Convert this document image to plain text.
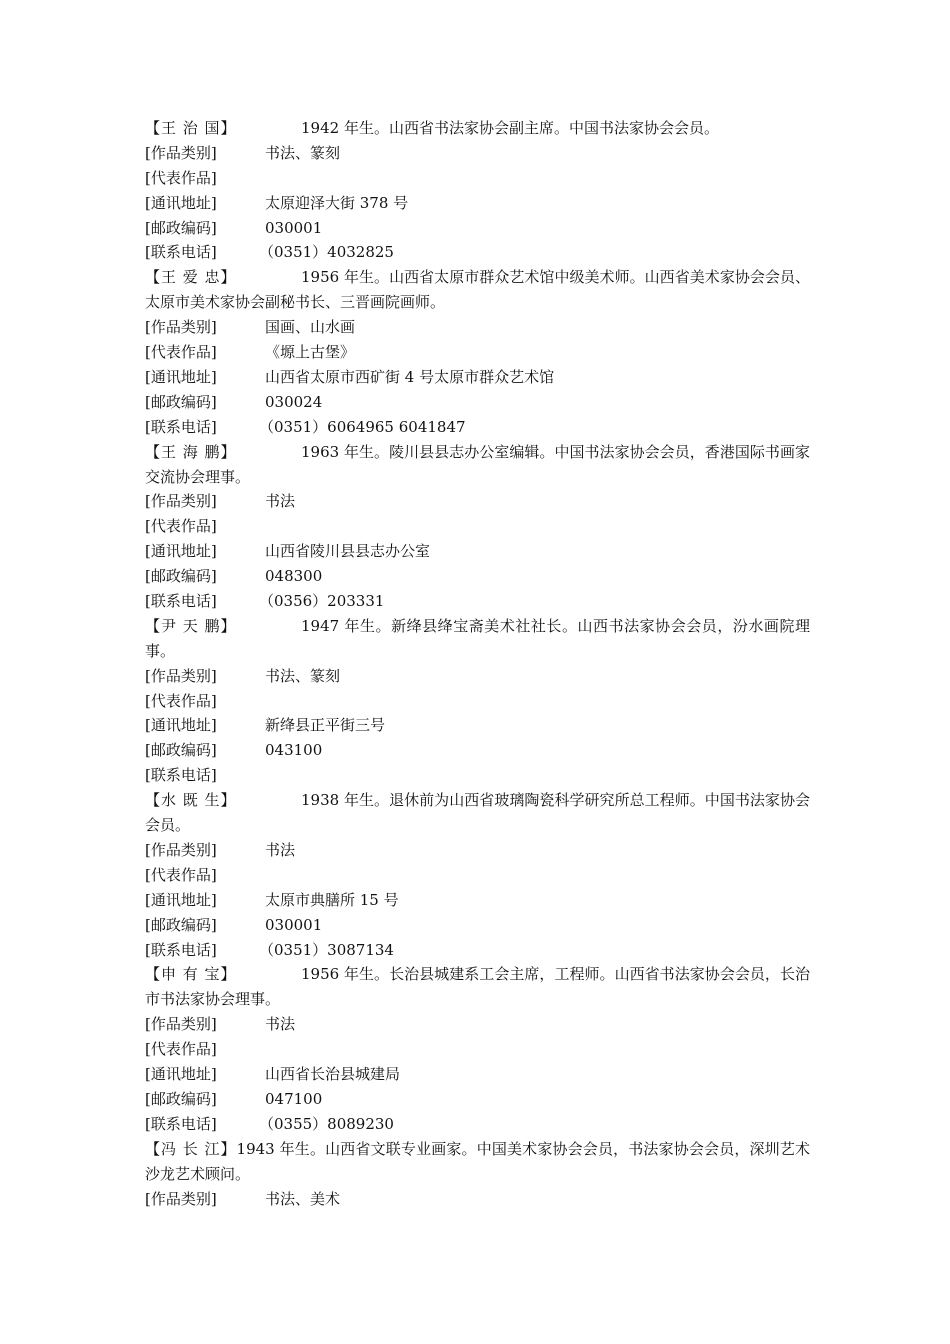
【王 治 国】	1942 年生。山西省书法家协会副主席。中国书法家协会会员。
[作品类别]	书法、篆刻
[代表作品]
[通讯地址]	太原迎泽大街 378 号
[邮政编码]	030001
[联系电话]	（0351）4032825
【王 爱 忠】	1956 年生。山西省太原市群众艺术馆中级美术师。山西省美术家协会会员、太原市美术家协会副秘书长、三晋画院画师。
[作品类别]	国画、山水画
[代表作品]	《塬上古堡》
[通讯地址]	山西省太原市西矿街 4 号太原市群众艺术馆
[邮政编码]	030024
[联系电话]	（0351）6064965 6041847
【王 海 鹏】	1963 年生。陵川县县志办公室编辑。中国书法家协会会员，香港国际书画家交流协会理事。
[作品类别]	书法
[代表作品]
[通讯地址]	山西省陵川县县志办公室
[邮政编码]	048300
[联系电话]	（0356）203331
【尹 天 鹏】	1947 年生。新绛县绛宝斋美术社社长。山西书法家协会会员，汾水画院理事。
[作品类别]	书法、篆刻
[代表作品]
[通讯地址]	新绛县正平街三号
[邮政编码]	043100
[联系电话]
【水 既 生】	1938 年生。退休前为山西省玻璃陶瓷科学研究所总工程师。中国书法家协会会员。
[作品类别]	书法
[代表作品]
[通讯地址]	太原市典膳所 15 号
[邮政编码]	030001
[联系电话]	（0351）3087134
【申 有 宝】	1956 年生。长治县城建系工会主席，工程师。山西省书法家协会会员，长治市书法家协会理事。
[作品类别]	书法
[代表作品]
[通讯地址]	山西省长治县城建局
[邮政编码]	047100
[联系电话]	（0355）8089230
【冯 长 江】1943 年生。山西省文联专业画家。中国美术家协会会员，书法家协会会员，深圳艺术沙龙艺术顾问。
[作品类别]	书法、美术
